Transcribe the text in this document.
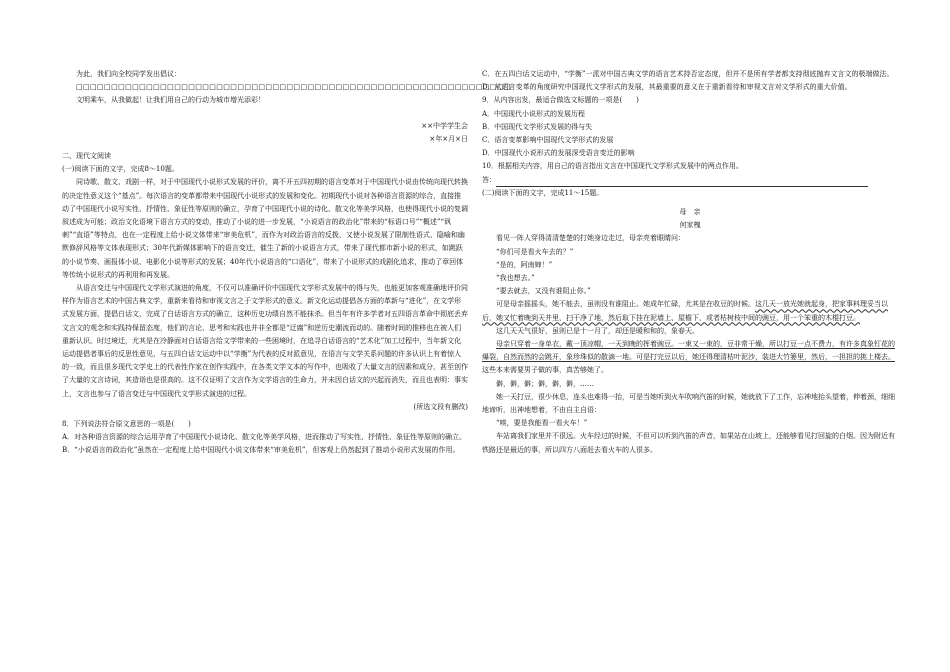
为此，我们向全校同学发出倡议：

□□□□□□□□□□□□□□□□□□□□□□□□□□□□□□□□□□□□□□□□□□□□□□□□□□□□□□□□□□□□□□

文明乘车，从我做起！让我们用自己的行动为城市增光添彩！

××中学学生会

×年×月×日

二、现代文阅读

(一)阅读下面的文字，完成8～10题。

同诗歌、散文、戏剧一样，对于中国现代小说形式发展的评价，离不开五四初期的语言变革对于中国现代小说由传统向现代转换的决定性意义这个“基点”。每次语言的变革都带来中国现代小说形式的发展和变化。初期现代小说对各种语言资源的综合，直接推动了中国现代小说写实性、抒情性、象征性等原则的确立，孕育了中国现代小说的诗化、散文化等美学风格，也使得现代小说的复调叙述成为可能；政治文化语境下语言方式的变动，推动了小说的进一步发展，“小说语言的政治化”带来的“标语口号”“概述”“讽刺”“直语”等特点，也在一定程度上给小说文体带来“审美危机”，而作为对政治语言的反拨，又使小说发展了限制性语式、隐喻和幽默修辞风格等文体表现形式；30年代新媒体影响下的语言变迁，催生了新的小说语言方式，带来了现代都市新小说的形式，如跳跃的小说节奏、画报体小说、电影化小说等形式的发展；40年代小说语言的“口语化”，带来了小说形式的戏剧化追求，推动了章回体等传统小说形式的再利用和再发展。

从语言变迁与中国现代文学形式演进的角度，不仅可以准确评价中国现代文学形式发展中的得与失，也能更加客观准确地评价同样作为语言艺术的中国古典文学，重新来看待和审视文言之于文学形式的意义。新文化运动提倡各方面的革新与“进化”，在文学形式发展方面，提倡白话文，完成了白话语言方式的确立，这种历史功绩自然不能抹杀。但当年有许多学者对五四语言革命中彻底丢弃文言文的观念和实践持保留态度，他们的言论、思考和实践也并非全都是“迂腐”和逆历史潮流而动的。随着时间的推移也在被人们重新认识。时过境迁，尤其是在冷静面对白话语言给文学带来的一些困境时，在追寻白话语言的“艺术化”加工过程中，当年新文化运动提倡者事后的反思性意见，与五四白话文运动中以“学衡”为代表的反对派意见，在语言与文学关系问题的许多认识上有着惊人的一致，而且很多现代文学史上的代表性作家在创作实践中，在各类文学文本的写作中，也吸收了大量文言的因素和成分，甚至创作了大量的文言诗词，其造诣也是很高的。这不仅证明了文言作为文学语言的生命力，并未因白话文的兴起而消失，而且也表明：事实上，文言也参与了语言变迁与中国现代文学形式演进的过程。

(所选文段有删改)

8．下列说法符合原文意思的一项是(　　)

A．对各种语言资源的综合运用孕育了中国现代小说诗化、散文化等美学风格，进而推动了写实性、抒情性、象征性等原则的确立。

B．“小说语言的政治化”虽然在一定程度上给中国现代小说文体带来“审美危机”，但客观上仍然起到了推动小说形式发展的作用。

C．在五四白话文运动中，“学衡”一派对中国古典文学的语言艺术持否定态度，但并不是所有学者都支持彻底抛弃文言文的极端做法。

D．从语言变革的角度研究中国现代文学形式的发展，其最重要的意义在于重新看待和审视文言对文学形式的重大价值。

9．从内容出发，最适合做选文标题的一项是(　　)

A．中国现代小说形式的发展历程

B．中国现代文学形式发展的得与失

C．语言变革影响中国现代文学形式的发展

D．中国现代小说形式的发展深受语言变迁的影响

10．根据相关内容，用自己的语言指出文言在中国现代文学形式发展中的两点作用。

答：

(二)阅读下面的文字，完成11～15题。

母　亲

何家槐

看见一阵人穿得清清楚楚的打她身边走过，母亲亮着眼睛问：

“你们可是看火车去的？”

“是的，阿南婶！”

“我也想去。”

“要去就去，又没有谁阻止你。”

可是母亲摇摇头，她不能去，虽则没有谁阻止。她成年忙碌，尤其是在收豆的时候。这几天一放光她就起身，把家事料理妥当以后，她又忙着晚到天井里，扫干净了地，然后取下挂在泥墙上、屋檐下，或者枯树枝中间的豌豆，用一个笨重的木棍打豆。

这几天天气很好，虽则已是十一月了，却还是暖和和的，象春天。

母亲只穿着一身单衣，戴一顶凉帽，一天到晚的挥着豌豆。一束又一束的，豆非常干燥，所以打豆一点不费力，有许多真象钉花的爆裂，自然而然的会跳开，象珍珠似的散滴一地。可是打完豆以后，她还得理清枯叶泥沙，装进大竹篓里，然后，一担担的挑上楼去。这些本来需要男子做的事，真苦够她了。

僻，僻，僻；僻，僻，僻，……

她一天打豆，很少休息，连头也难得一抬，可是当她听到火车吹响汽笛的时候，她就放下了工作，忘神地抬头望着，伸着颈，细细地谛听，出神地想着，不由自主自语：

“唉，要是我能看一看火车！”

车站离我们家里并不很远。火车经过的时候，不但可以听到汽笛的声音，如果站在山坡上，还能够看见打回旋的白烟。因为附近有铁路还是最近的事，所以四方八面赶去看火车的人很多。
